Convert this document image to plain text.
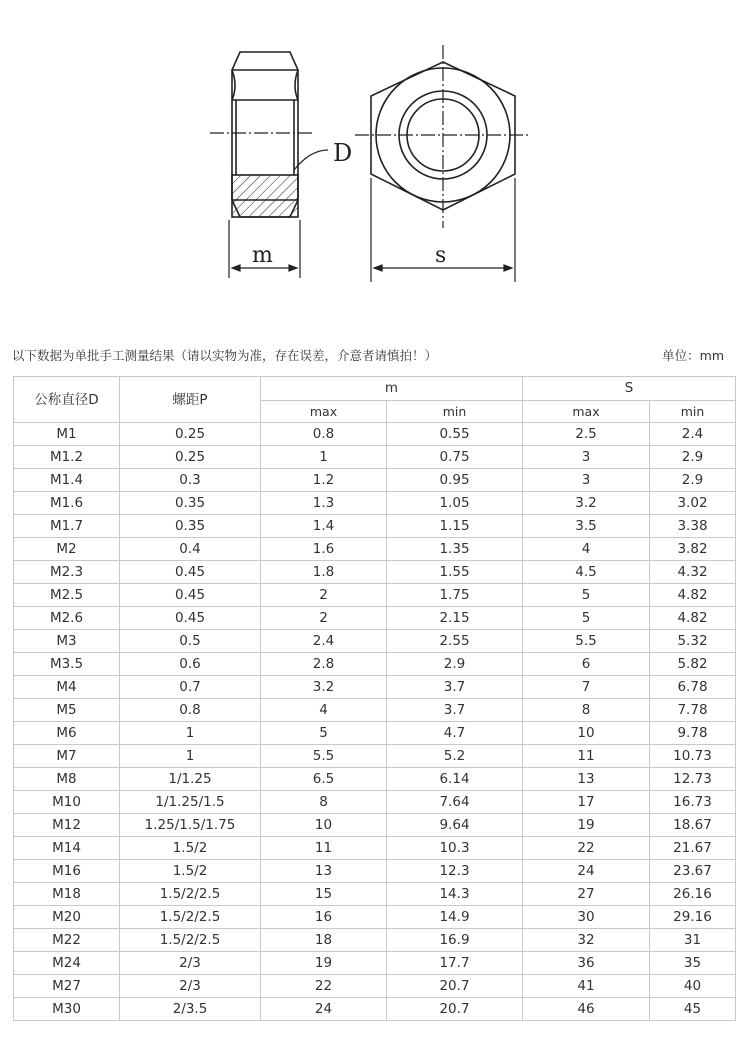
D
m	s
以下数据为单批手工测量结果（请以实物为准，存在误差，介意者请慎拍！）	单位：mm
公称直径D	螺距P	m		S	
		max	min	max	min
M1	0.25	0.8	0.55	2.5	2.4
M1.2	0.25	1	0.75	3	2.9
M1.4	0.3	1.2	0.95	3	2.9
M1.6	0.35	1.3	1.05	3.2	3.02
M1.7	0.35	1.4	1.15	3.5	3.38
M2	0.4	1.6	1.35	4	3.82
M2.3	0.45	1.8	1.55	4.5	4.32
M2.5	0.45	2	1.75	5	4.82
M2.6	0.45	2	2.15	5	4.82
M3	0.5	2.4	2.55	5.5	5.32
M3.5	0.6	2.8	2.9	6	5.82
M4	0.7	3.2	3.7	7	6.78
M5	0.8	4	3.7	8	7.78
M6	1	5	4.7	10	9.78
M7	1	5.5	5.2	11	10.73
M8	1/1.25	6.5	6.14	13	12.73
M10	1/1.25/1.5	8	7.64	17	16.73
M12	1.25/1.5/1.75	10	9.64	19	18.67
M14	1.5/2	11	10.3	22	21.67
M16	1.5/2	13	12.3	24	23.67
M18	1.5/2/2.5	15	14.3	27	26.16
M20	1.5/2/2.5	16	14.9	30	29.16
M22	1.5/2/2.5	18	16.9	32	31
M24	2/3	19	17.7	36	35
M27	2/3	22	20.7	41	40
M30	2/3.5	24	20.7	46	45
